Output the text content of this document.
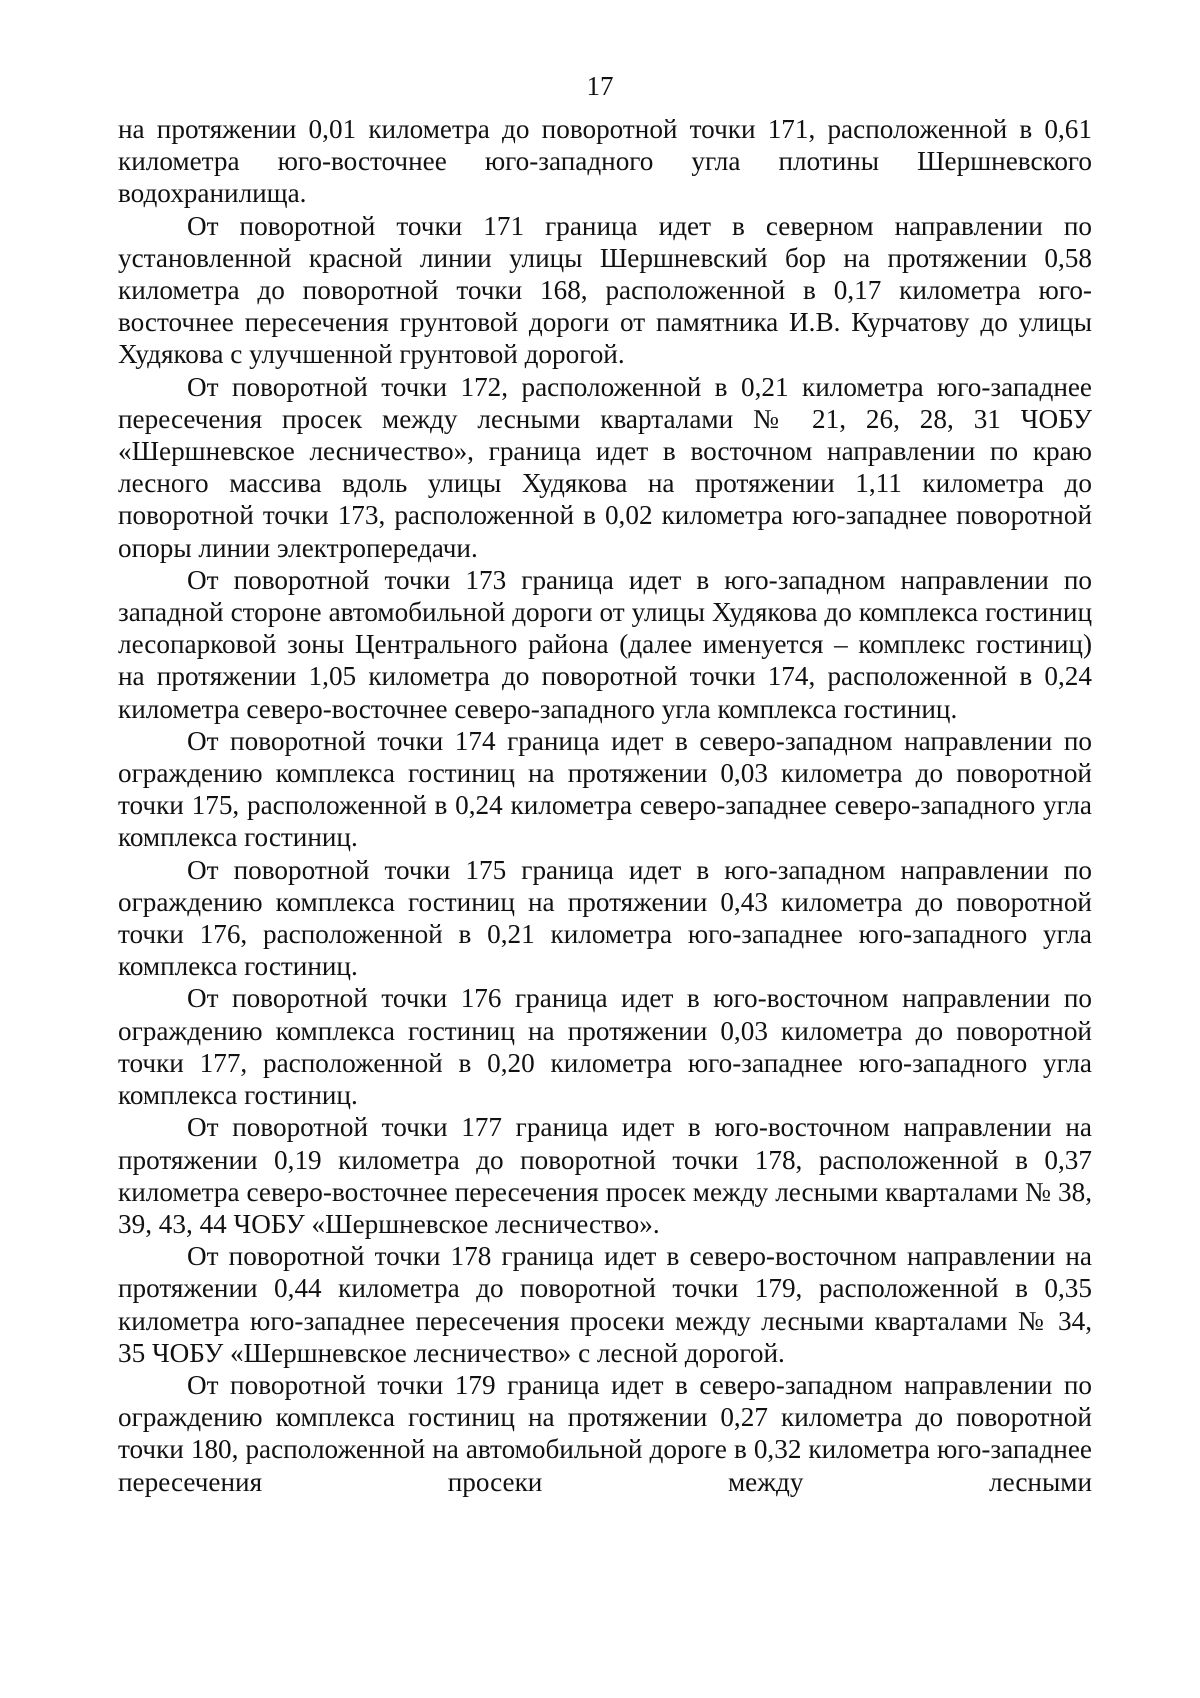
17

на протяжении 0,01 километра до поворотной точки 171, расположенной в 0,61 километра юго-восточнее юго-западного угла плотины Шершневского водохранилища.

От поворотной точки 171 граница идет в северном направлении по установленной красной линии улицы Шершневский бор на протяжении 0,58 километра до поворотной точки 168, расположенной в 0,17 километра юго-восточнее пересечения грунтовой дороги от памятника И.В. Курчатову до улицы Худякова с улучшенной грунтовой дорогой.

От поворотной точки 172, расположенной в 0,21 километра юго-западнее пересечения просек между лесными кварталами № 21, 26, 28, 31 ЧОБУ «Шершневское лесничество», граница идет в восточном направлении по краю лесного массива вдоль улицы Худякова на протяжении 1,11 километра до поворотной точки 173, расположенной в 0,02 километра юго-западнее поворотной опоры линии электропередачи.

От поворотной точки 173 граница идет в юго-западном направлении по западной стороне автомобильной дороги от улицы Худякова до комплекса гостиниц лесопарковой зоны Центрального района (далее именуется – комплекс гостиниц) на протяжении 1,05 километра до поворотной точки 174, расположенной в 0,24 километра северо-восточнее северо-западного угла комплекса гостиниц.

От поворотной точки 174 граница идет в северо-западном направлении по ограждению комплекса гостиниц на протяжении 0,03 километра до поворотной точки 175, расположенной в 0,24 километра северо-западнее северо-западного угла комплекса гостиниц.

От поворотной точки 175 граница идет в юго-западном направлении по ограждению комплекса гостиниц на протяжении 0,43 километра до поворотной точки 176, расположенной в 0,21 километра юго-западнее юго-западного угла комплекса гостиниц.

От поворотной точки 176 граница идет в юго-восточном направлении по ограждению комплекса гостиниц на протяжении 0,03 километра до поворотной точки 177, расположенной в 0,20 километра юго-западнее юго-западного угла комплекса гостиниц.

От поворотной точки 177 граница идет в юго-восточном направлении на протяжении 0,19 километра до поворотной точки 178, расположенной в 0,37 километра северо-восточнее пересечения просек между лесными кварталами № 38, 39, 43, 44 ЧОБУ «Шершневское лесничество».

От поворотной точки 178 граница идет в северо-восточном направлении на протяжении 0,44 километра до поворотной точки 179, расположенной в 0,35 километра юго-западнее пересечения просеки между лесными кварталами № 34, 35 ЧОБУ «Шершневское лесничество» с лесной дорогой.

От поворотной точки 179 граница идет в северо-западном направлении по ограждению комплекса гостиниц на протяжении 0,27 километра до поворотной точки 180, расположенной на автомобильной дороге в 0,32 километра юго-западнее пересечения просеки между лесными
